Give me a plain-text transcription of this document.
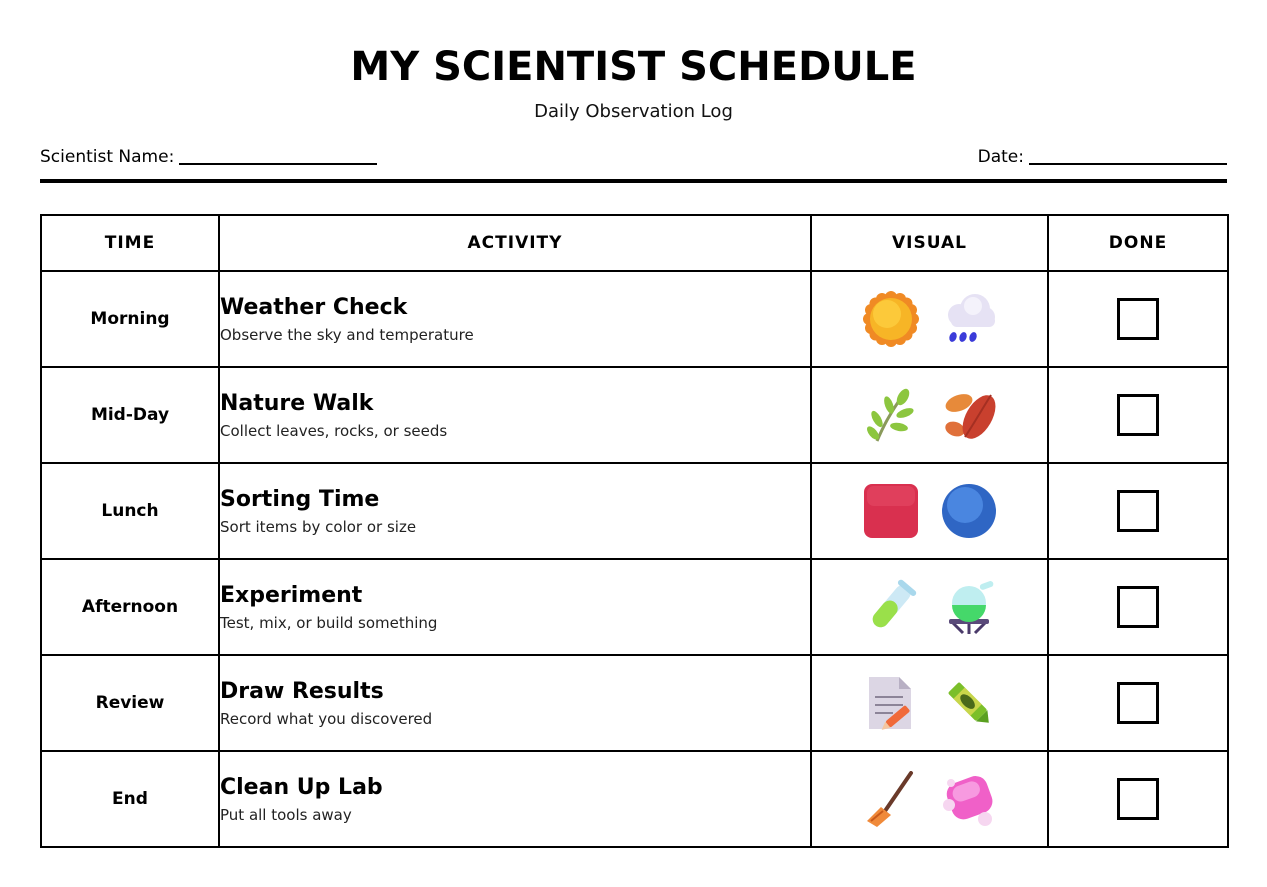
MY SCIENTIST SCHEDULE
Daily Observation Log
Scientist Name:	Date:
TIME	ACTIVITY	VISUAL	DONE
Morning	Weather Check
Observe the sky and temperature

Mid-Day	Nature Walk
Collect leaves, rocks, or seeds

Lunch	Sorting Time
Sort items by color or size

Afternoon	Experiment
Test, mix, or build something

Review	Draw Results
Record what you discovered

End	Clean Up Lab
Put all tools away
